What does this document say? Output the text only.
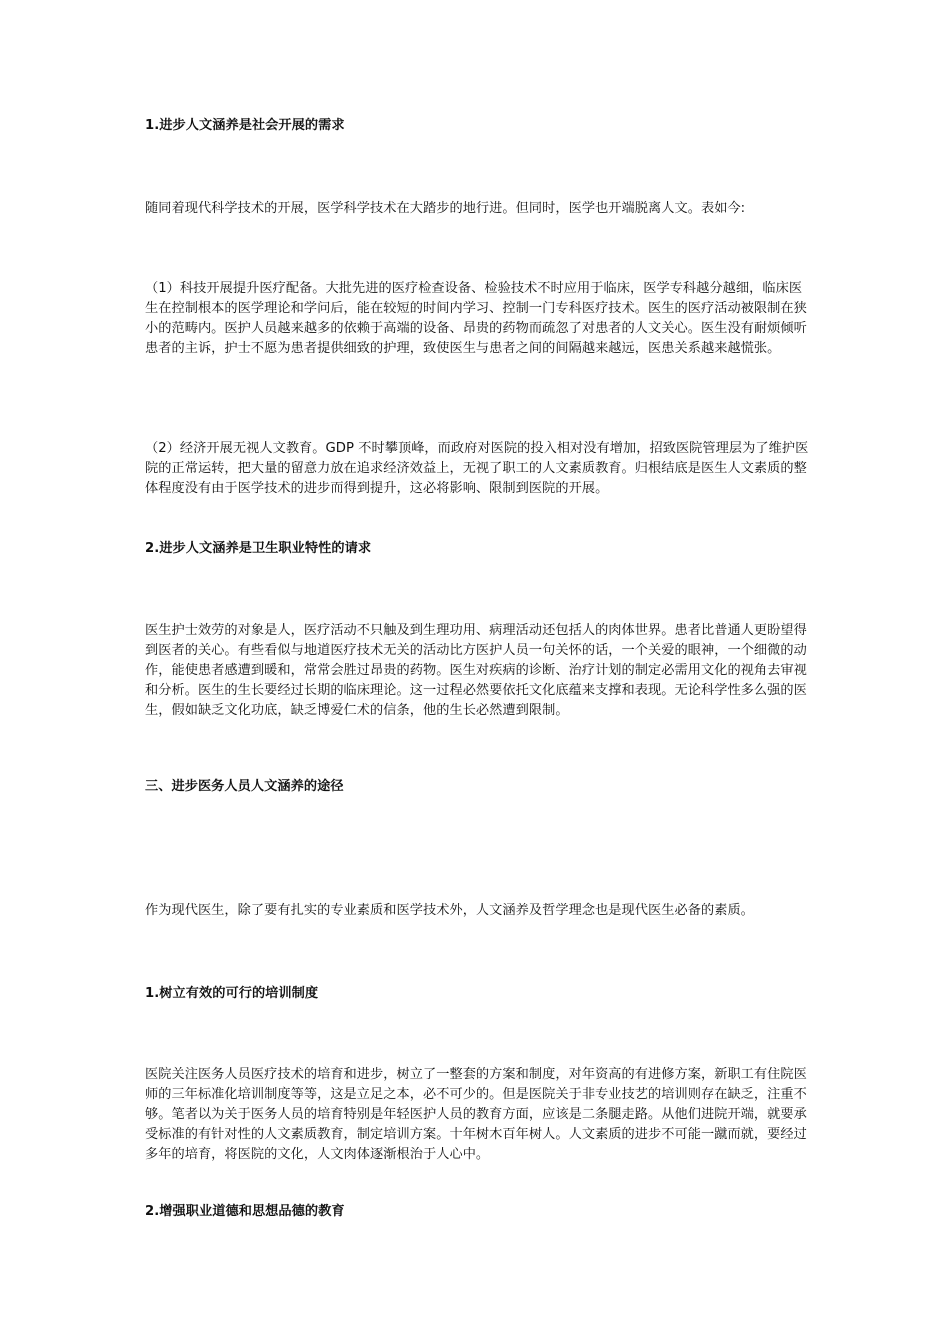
1.进步人文涵养是社会开展的需求

随同着现代科学技术的开展，医学科学技术在大踏步的地行进。但同时，医学也开端脱离人文。表如今:

（1）科技开展提升医疗配备。大批先进的医疗检查设备、检验技术不时应用于临床，医学专科越分越细，临床医生在控制根本的医学理论和学问后，能在较短的时间内学习、控制一门专科医疗技术。医生的医疗活动被限制在狭小的范畴内。医护人员越来越多的依赖于高端的设备、昂贵的药物而疏忽了对患者的人文关心。医生没有耐烦倾听患者的主诉，护士不愿为患者提供细致的护理，致使医生与患者之间的间隔越来越远，医患关系越来越慌张。

（2）经济开展无视人文教育。GDP 不时攀顶峰，而政府对医院的投入相对没有增加，招致医院管理层为了维护医院的正常运转，把大量的留意力放在追求经济效益上，无视了职工的人文素质教育。归根结底是医生人文素质的整体程度没有由于医学技术的进步而得到提升，这必将影响、限制到医院的开展。

2.进步人文涵养是卫生职业特性的请求

医生护士效劳的对象是人，医疗活动不只触及到生理功用、病理活动还包括人的肉体世界。患者比普通人更盼望得到医者的关心。有些看似与地道医疗技术无关的活动比方医护人员一句关怀的话，一个关爱的眼神，一个细微的动作，能使患者感遭到暖和，常常会胜过昂贵的药物。医生对疾病的诊断、治疗计划的制定必需用文化的视角去审视和分析。医生的生长要经过长期的临床理论。这一过程必然要依托文化底蕴来支撑和表现。无论科学性多么强的医生，假如缺乏文化功底，缺乏博爱仁术的信条，他的生长必然遭到限制。

三、进步医务人员人文涵养的途径

作为现代医生，除了要有扎实的专业素质和医学技术外，人文涵养及哲学理念也是现代医生必备的素质。

1.树立有效的可行的培训制度

医院关注医务人员医疗技术的培育和进步，树立了一整套的方案和制度，对年资高的有进修方案，新职工有住院医师的三年标准化培训制度等等，这是立足之本，必不可少的。但是医院关于非专业技艺的培训则存在缺乏，注重不够。笔者以为关于医务人员的培育特别是年轻医护人员的教育方面，应该是二条腿走路。从他们进院开端，就要承受标准的有针对性的人文素质教育，制定培训方案。十年树木百年树人。人文素质的进步不可能一蹴而就，要经过多年的培育，将医院的文化，人文肉体逐渐根治于人心中。

2.增强职业道德和思想品德的教育
